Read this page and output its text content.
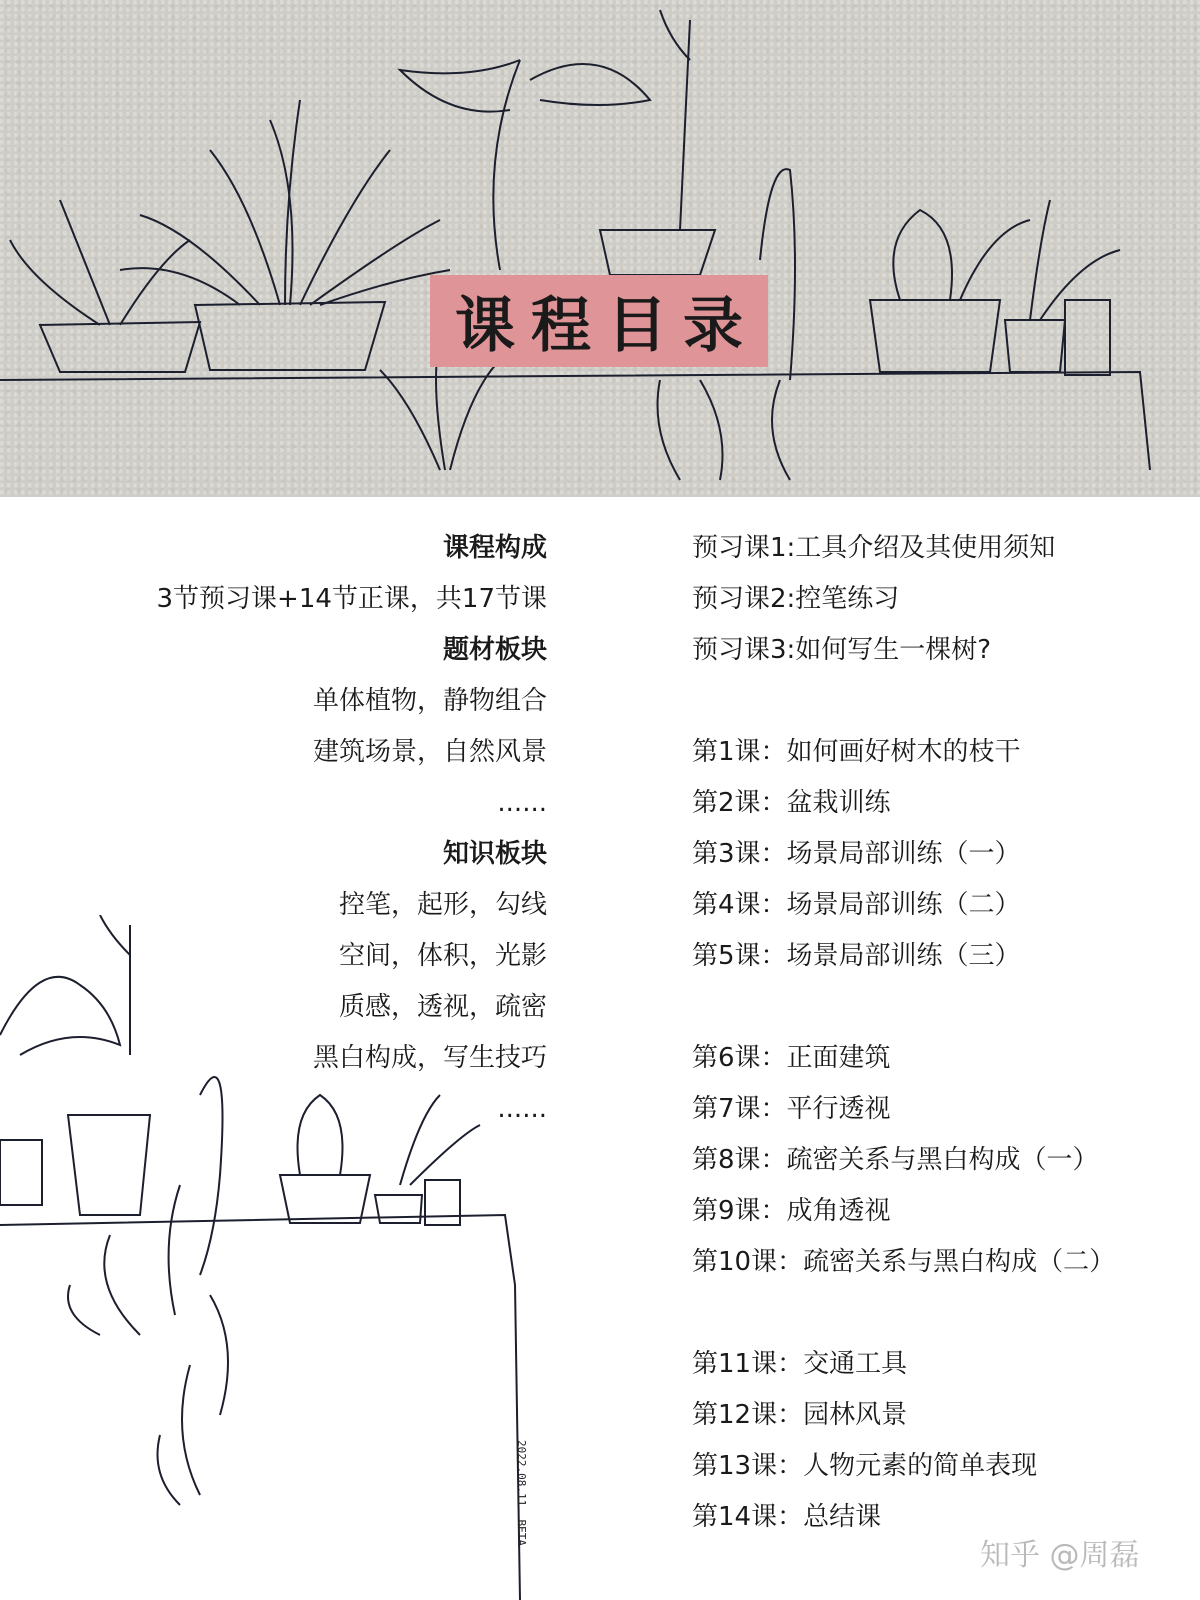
课程目录
课程构成
3节预习课+14节正课，共17节课
题材板块
单体植物，静物组合
建筑场景，自然风景
......
知识板块
控笔，起形，勾线
空间，体积，光影
质感，透视，疏密
黑白构成，写生技巧
......
预习课1:工具介绍及其使用须知
预习课2:控笔练习
预习课3:如何写生一棵树?
第1课：如何画好树木的枝干
第2课：盆栽训练
第3课：场景局部训练（一）
第4课：场景局部训练（二）
第5课：场景局部训练（三）
第6课：正面建筑
第7课：平行透视
第8课：疏密关系与黑白构成（一）
第9课：成角透视
第10课：疏密关系与黑白构成（二）
第11课：交通工具
第12课：园林风景
第13课：人物元素的简单表现
第14课：总结课
2022.08.11. BETA
知乎 @周磊
